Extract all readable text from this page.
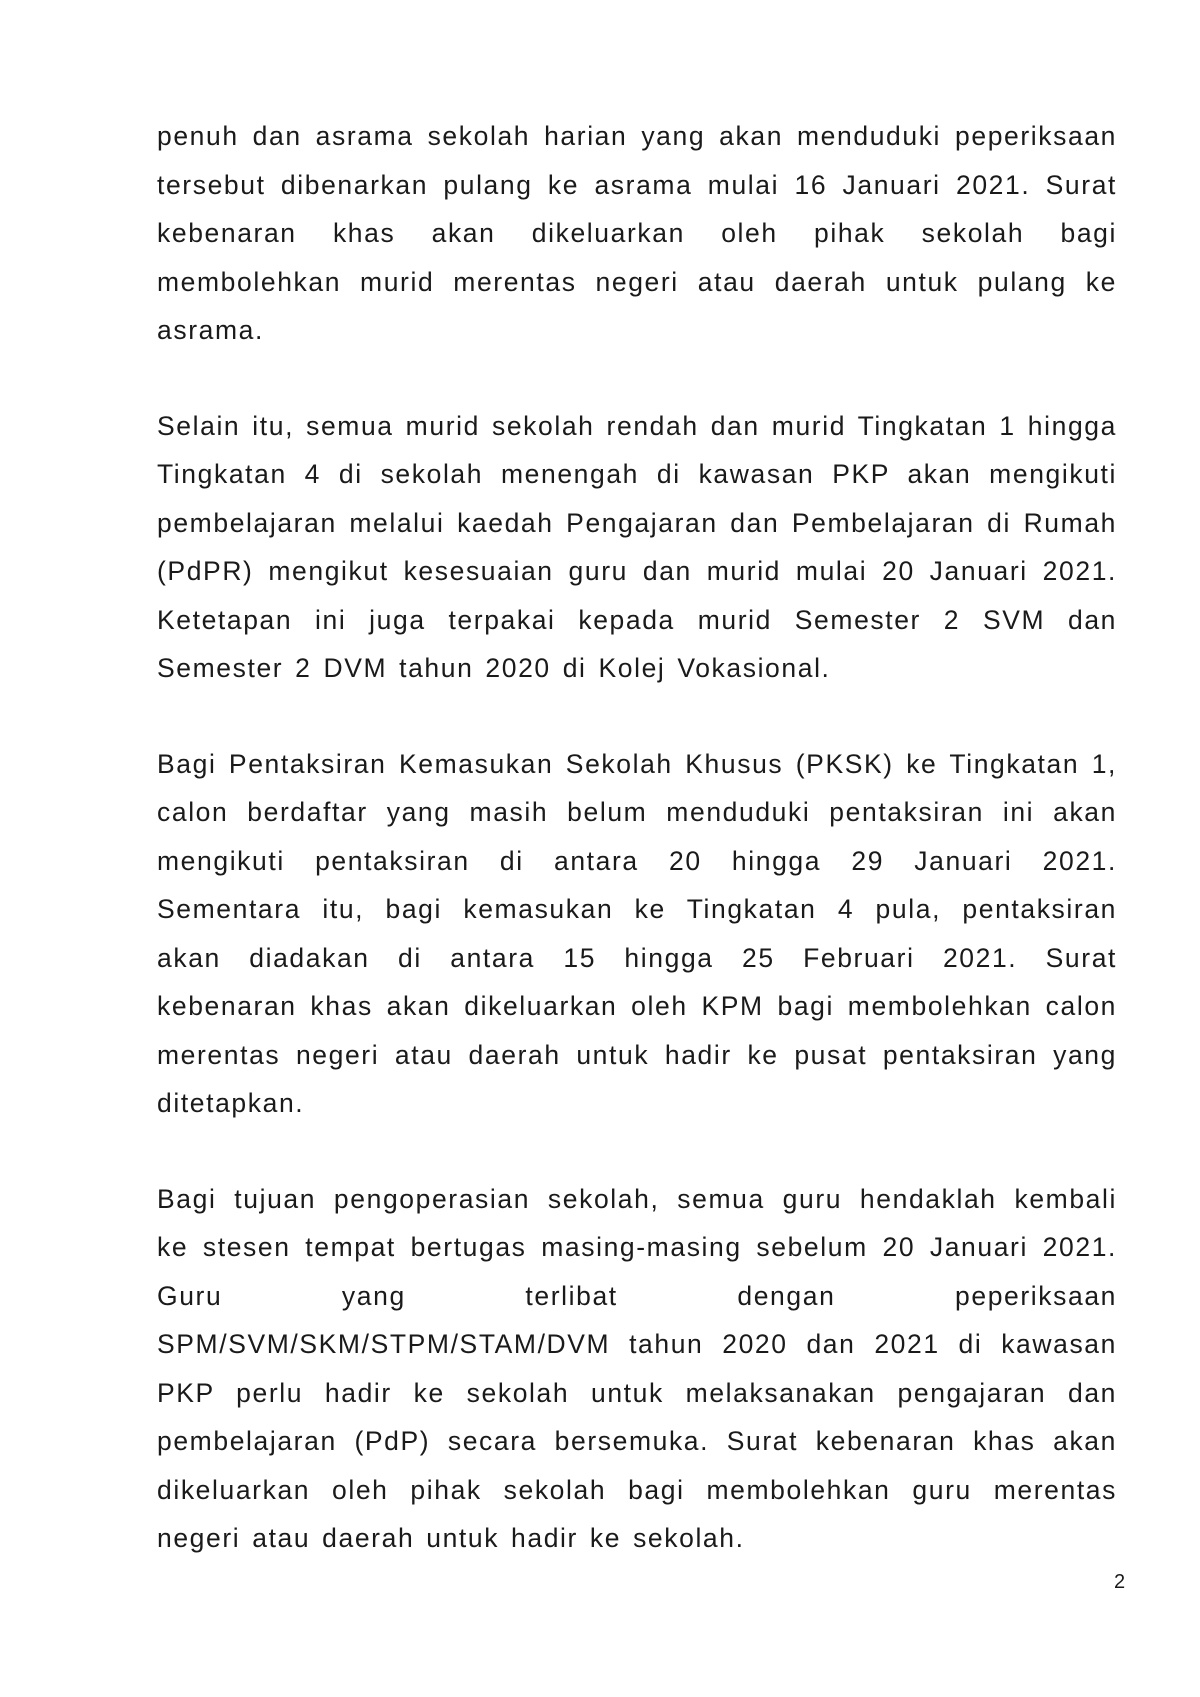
penuh dan asrama sekolah harian yang akan menduduki peperiksaan tersebut dibenarkan pulang ke asrama mulai 16 Januari 2021. Surat kebenaran khas akan dikeluarkan oleh pihak sekolah bagi membolehkan murid merentas negeri atau daerah untuk pulang ke asrama.

Selain itu, semua murid sekolah rendah dan murid Tingkatan 1 hingga Tingkatan 4 di sekolah menengah di kawasan PKP akan mengikuti pembelajaran melalui kaedah Pengajaran dan Pembelajaran di Rumah (PdPR) mengikut kesesuaian guru dan murid mulai 20 Januari 2021. Ketetapan ini juga terpakai kepada murid Semester 2 SVM dan Semester 2 DVM tahun 2020 di Kolej Vokasional.

Bagi Pentaksiran Kemasukan Sekolah Khusus (PKSK) ke Tingkatan 1, calon berdaftar yang masih belum menduduki pentaksiran ini akan mengikuti pentaksiran di antara 20 hingga 29 Januari 2021. Sementara itu, bagi kemasukan ke Tingkatan 4 pula, pentaksiran akan diadakan di antara 15 hingga 25 Februari 2021. Surat kebenaran khas akan dikeluarkan oleh KPM bagi membolehkan calon merentas negeri atau daerah untuk hadir ke pusat pentaksiran yang ditetapkan.

Bagi tujuan pengoperasian sekolah, semua guru hendaklah kembali ke stesen tempat bertugas masing-masing sebelum 20 Januari 2021. Guru yang terlibat dengan peperiksaan SPM/SVM/SKM/STPM/STAM/DVM tahun 2020 dan 2021 di kawasan PKP perlu hadir ke sekolah untuk melaksanakan pengajaran dan pembelajaran (PdP) secara bersemuka. Surat kebenaran khas akan dikeluarkan oleh pihak sekolah bagi membolehkan guru merentas negeri atau daerah untuk hadir ke sekolah.

2
